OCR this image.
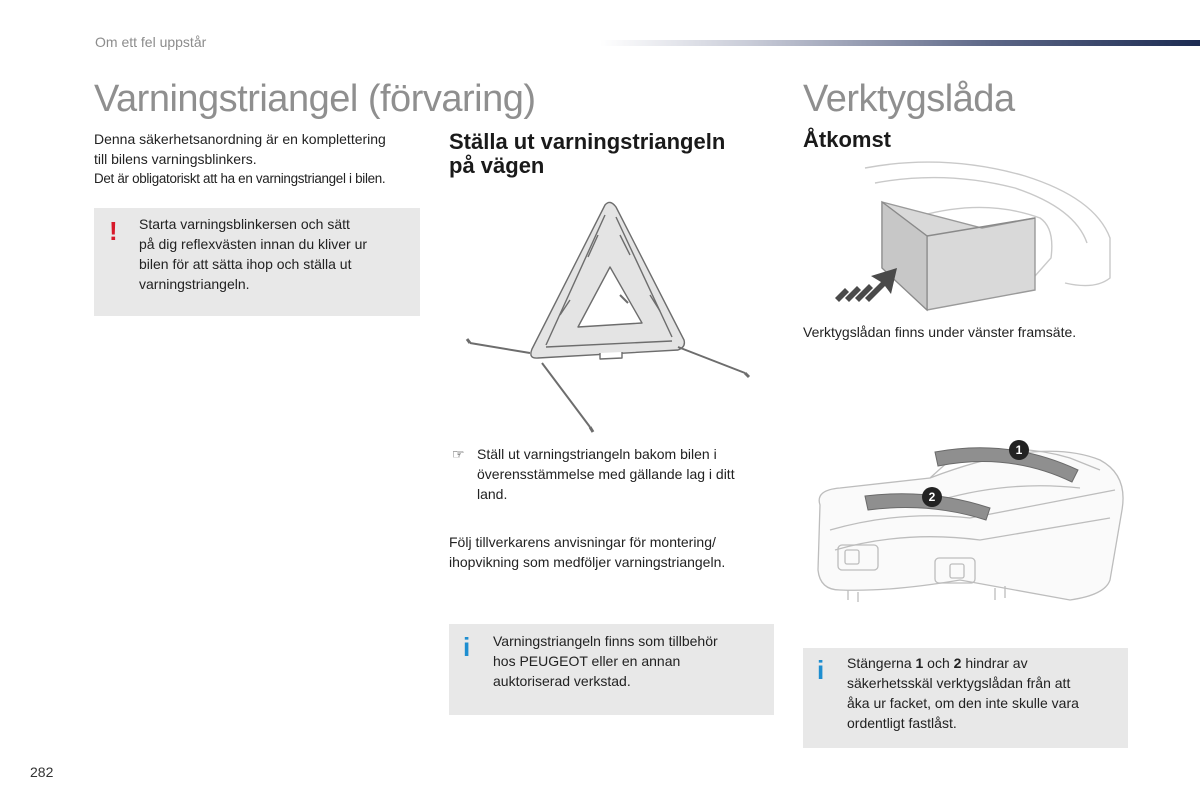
Om ett fel uppstår
Varningstriangel (förvaring)
Denna säkerhetsanordning är en komplettering
till bilens varningsblinkers.
Det är obligatoriskt att ha en varningstriangel i bilen.
! Starta varningsblinkersen och sätt
på dig reflexvästen innan du kliver ur
bilen för att sätta ihop och ställa ut
varningstriangeln.
Ställa ut varningstriangeln
på vägen
☞ Ställ ut varningstriangeln bakom bilen i
överensstämmelse med gällande lag i ditt
land.
Följ tillverkarens anvisningar för montering/
ihopvikning som medföljer varningstriangeln.
i Varningstriangeln finns som tillbehör
hos PEUGEOT eller en annan
auktoriserad verkstad.
Verktygslåda
Åtkomst
Verktygslådan finns under vänster framsäte.
1
2
i Stängerna 1 och 2 hindrar av
säkerhetsskäl verktygslådan från att
åka ur facket, om den inte skulle vara
ordentligt fastlåst.
282
